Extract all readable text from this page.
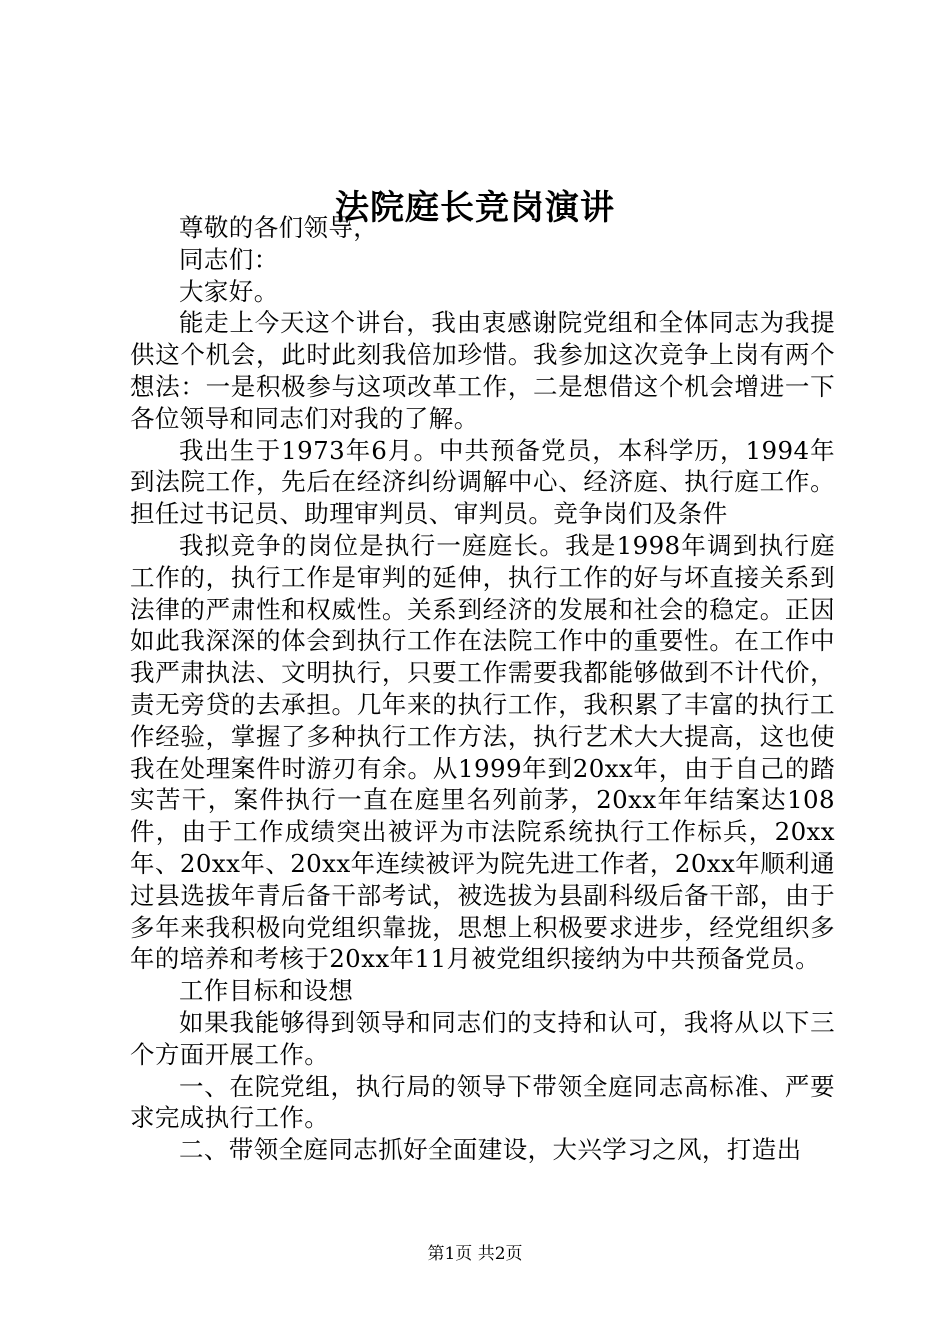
法院庭长竞岗演讲

尊敬的各们领导，

同志们：

大家好。

能走上今天这个讲台，我由衷感谢院党组和全体同志为我提供这个机会，此时此刻我倍加珍惜。我参加这次竞争上岗有两个想法：一是积极参与这项改革工作，二是想借这个机会增进一下各位领导和同志们对我的了解。

我出生于1973年6月。中共预备党员，本科学历，1994年到法院工作，先后在经济纠纷调解中心、经济庭、执行庭工作。担任过书记员、助理审判员、审判员。竞争岗们及条件

我拟竞争的岗位是执行一庭庭长。我是1998年调到执行庭工作的，执行工作是审判的延伸，执行工作的好与坏直接关系到法律的严肃性和权威性。关系到经济的发展和社会的稳定。正因如此我深深的体会到执行工作在法院工作中的重要性。在工作中我严肃执法、文明执行，只要工作需要我都能够做到不计代价，责无旁贷的去承担。几年来的执行工作，我积累了丰富的执行工作经验，掌握了多种执行工作方法，执行艺术大大提高，这也使我在处理案件时游刃有余。从1999年到20xx年，由于自己的踏实苦干，案件执行一直在庭里名列前茅，20xx年年结案达108件，由于工作成绩突出被评为市法院系统执行工作标兵，20xx年、20xx年、20xx年连续被评为院先进工作者，20xx年顺利通过县选拔年青后备干部考试，被选拔为县副科级后备干部，由于多年来我积极向党组织靠拢，思想上积极要求进步，经党组织多年的培养和考核于20xx年11月被党组织接纳为中共预备党员。

工作目标和设想

如果我能够得到领导和同志们的支持和认可，我将从以下三个方面开展工作。

一、在院党组，执行局的领导下带领全庭同志高标准、严要求完成执行工作。

二、带领全庭同志抓好全面建设，大兴学习之风，打造出

第1页 共2页
